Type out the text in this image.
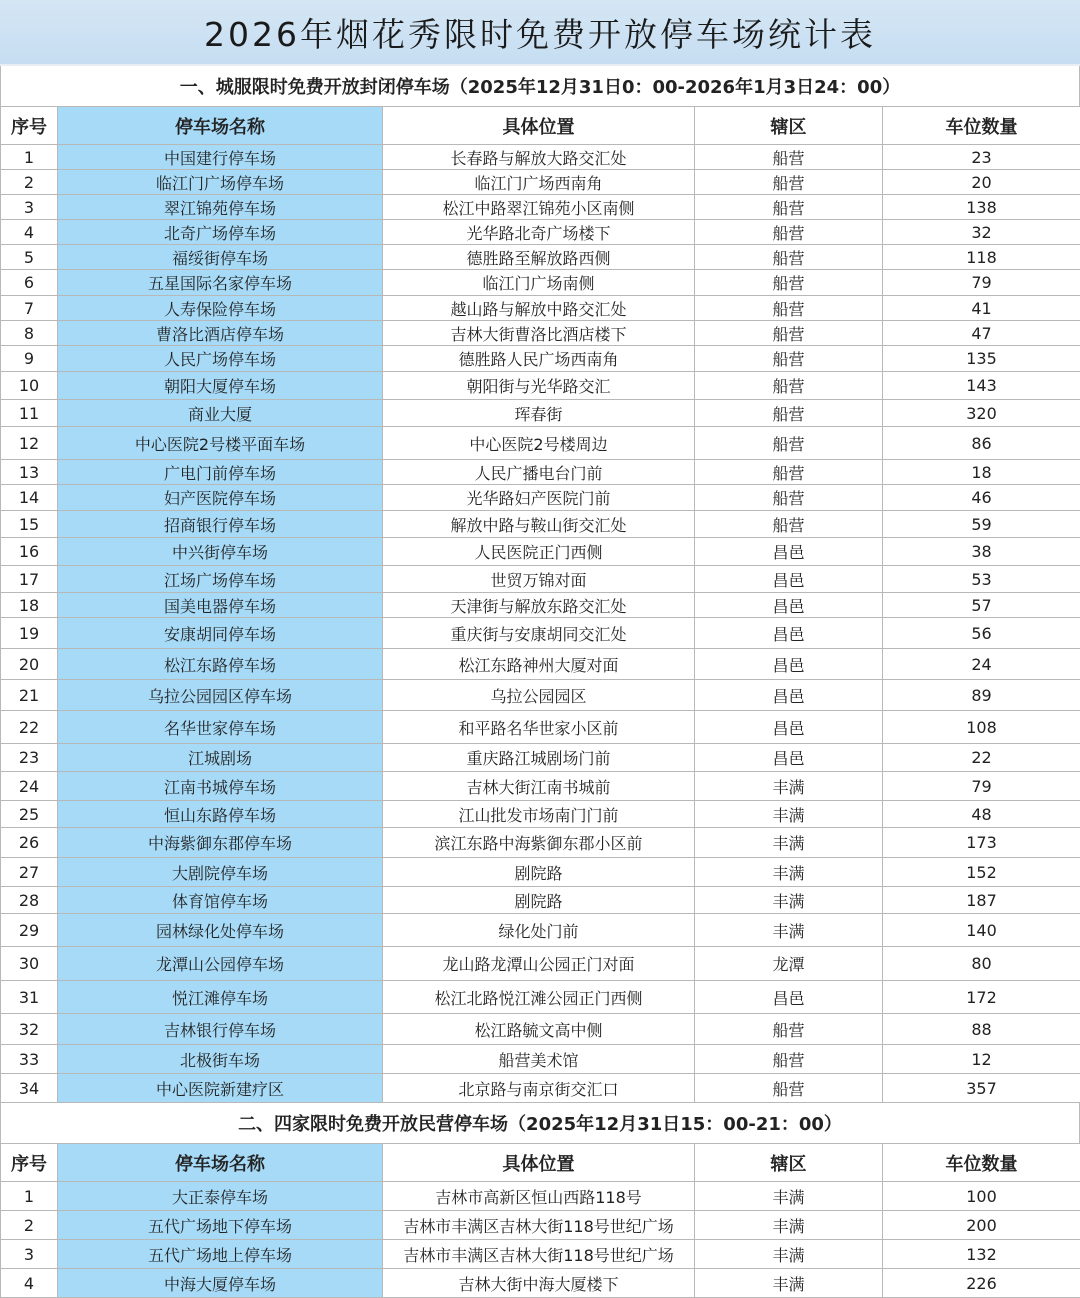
2026年烟花秀限时免费开放停车场统计表
一、城服限时免费开放封闭停车场（2025年12月31日0：00-2026年1月3日24：00）
序号	停车场名称	具体位置	辖区	车位数量
1	中国建行停车场	长春路与解放大路交汇处	船营	23
2	临江门广场停车场	临江门广场西南角	船营	20
3	翠江锦苑停车场	松江中路翠江锦苑小区南侧	船营	138
4	北奇广场停车场	光华路北奇广场楼下	船营	32
5	福绥街停车场	德胜路至解放路西侧	船营	118
6	五星国际名家停车场	临江门广场南侧	船营	79
7	人寿保险停车场	越山路与解放中路交汇处	船营	41
8	曹洛比酒店停车场	吉林大街曹洛比酒店楼下	船营	47
9	人民广场停车场	德胜路人民广场西南角	船营	135
10	朝阳大厦停车场	朝阳街与光华路交汇	船营	143
11	商业大厦	珲春街	船营	320
12	中心医院2号楼平面车场	中心医院2号楼周边	船营	86
13	广电门前停车场	人民广播电台门前	船营	18
14	妇产医院停车场	光华路妇产医院门前	船营	46
15	招商银行停车场	解放中路与鞍山街交汇处	船营	59
16	中兴街停车场	人民医院正门西侧	昌邑	38
17	江场广场停车场	世贸万锦对面	昌邑	53
18	国美电器停车场	天津街与解放东路交汇处	昌邑	57
19	安康胡同停车场	重庆街与安康胡同交汇处	昌邑	56
20	松江东路停车场	松江东路神州大厦对面	昌邑	24
21	乌拉公园园区停车场	乌拉公园园区	昌邑	89
22	名华世家停车场	和平路名华世家小区前	昌邑	108
23	江城剧场	重庆路江城剧场门前	昌邑	22
24	江南书城停车场	吉林大街江南书城前	丰满	79
25	恒山东路停车场	江山批发市场南门门前	丰满	48
26	中海紫御东郡停车场	滨江东路中海紫御东郡小区前	丰满	173
27	大剧院停车场	剧院路	丰满	152
28	体育馆停车场	剧院路	丰满	187
29	园林绿化处停车场	绿化处门前	丰满	140
30	龙潭山公园停车场	龙山路龙潭山公园正门对面	龙潭	80
31	悦江滩停车场	松江北路悦江滩公园正门西侧	昌邑	172
32	吉林银行停车场	松江路毓文高中侧	船营	88
33	北极街车场	船营美术馆	船营	12
34	中心医院新建疗区	北京路与南京街交汇口	船营	357
二、四家限时免费开放民营停车场（2025年12月31日15：00-21：00）
序号	停车场名称	具体位置	辖区	车位数量
1	大正泰停车场	吉林市高新区恒山西路118号	丰满	100
2	五代广场地下停车场	吉林市丰满区吉林大街118号世纪广场	丰满	200
3	五代广场地上停车场	吉林市丰满区吉林大街118号世纪广场	丰满	132
4	中海大厦停车场	吉林大街中海大厦楼下	丰满	226
